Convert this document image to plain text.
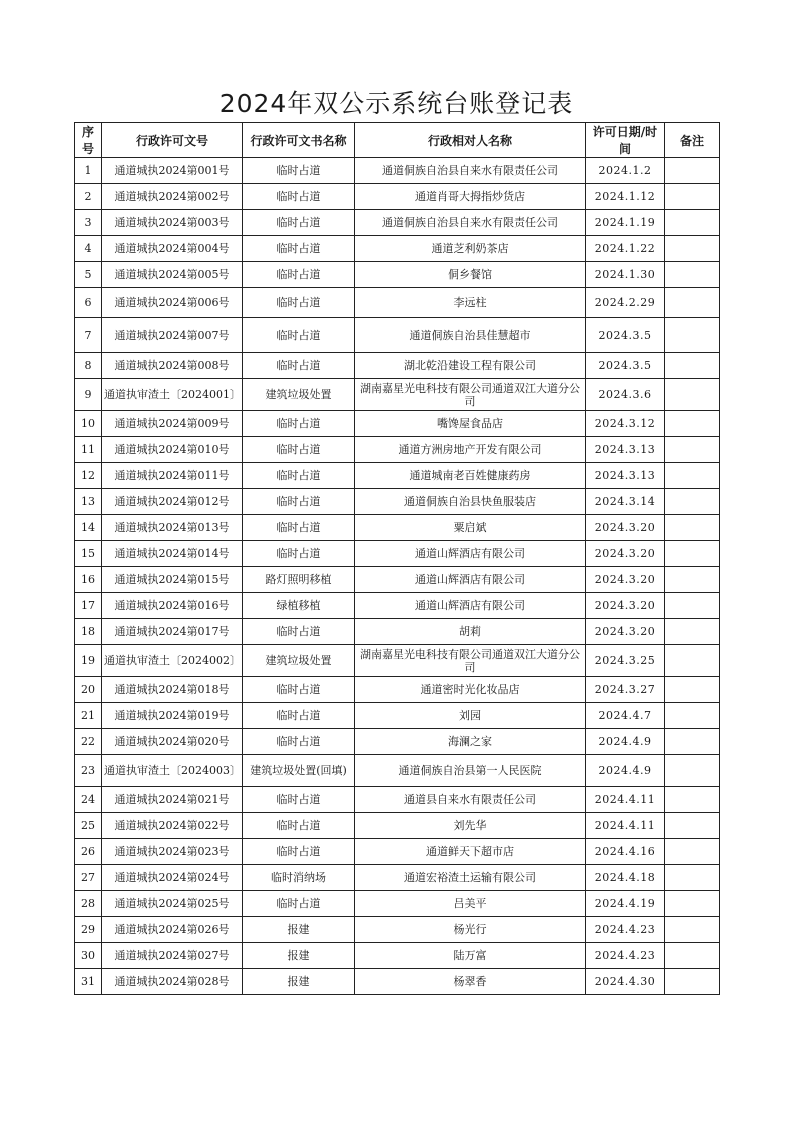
2024年双公示系统台账登记表
序号	行政许可文号	行政许可文书名称	行政相对人名称	许可日期/时间	备注
1	通道城执2024第001号	临时占道	通道侗族自治县自来水有限责任公司	2024.1.2	
2	通道城执2024第002号	临时占道	通道肖哥大拇指炒货店	2024.1.12	
3	通道城执2024第003号	临时占道	通道侗族自治县自来水有限责任公司	2024.1.19	
4	通道城执2024第004号	临时占道	通道芝利奶茶店	2024.1.22	
5	通道城执2024第005号	临时占道	侗乡餐馆	2024.1.30	
6	通道城执2024第006号	临时占道	李远柱	2024.2.29	
7	通道城执2024第007号	临时占道	通道侗族自治县佳慧超市	2024.3.5	
8	通道城执2024第008号	临时占道	湖北乾沿建设工程有限公司	2024.3.5	
9	通道执审渣土〔2024001〕	建筑垃圾处置	湖南嘉星光电科技有限公司通道双江大道分公司	2024.3.6	
10	通道城执2024第009号	临时占道	嘴馋屋食品店	2024.3.12	
11	通道城执2024第010号	临时占道	通道方洲房地产开发有限公司	2024.3.13	
12	通道城执2024第011号	临时占道	通道城南老百姓健康药房	2024.3.13	
13	通道城执2024第012号	临时占道	通道侗族自治县快鱼服装店	2024.3.14	
14	通道城执2024第013号	临时占道	粟启斌	2024.3.20	
15	通道城执2024第014号	临时占道	通道山辉酒店有限公司	2024.3.20	
16	通道城执2024第015号	路灯照明移植	通道山辉酒店有限公司	2024.3.20	
17	通道城执2024第016号	绿植移植	通道山辉酒店有限公司	2024.3.20	
18	通道城执2024第017号	临时占道	胡莉	2024.3.20	
19	通道执审渣土〔2024002〕	建筑垃圾处置	湖南嘉星光电科技有限公司通道双江大道分公司	2024.3.25	
20	通道城执2024第018号	临时占道	通道密时光化妆品店	2024.3.27	
21	通道城执2024第019号	临时占道	刘园	2024.4.7	
22	通道城执2024第020号	临时占道	海澜之家	2024.4.9	
23	通道执审渣土〔2024003〕	建筑垃圾处置(回填)	通道侗族自治县第一人民医院	2024.4.9	
24	通道城执2024第021号	临时占道	通道县自来水有限责任公司	2024.4.11	
25	通道城执2024第022号	临时占道	刘先华	2024.4.11	
26	通道城执2024第023号	临时占道	通道鲜天下超市店	2024.4.16	
27	通道城执2024第024号	临时消纳场	通道宏裕渣土运输有限公司	2024.4.18	
28	通道城执2024第025号	临时占道	吕美平	2024.4.19	
29	通道城执2024第026号	报建	杨光行	2024.4.23	
30	通道城执2024第027号	报建	陆万富	2024.4.23	
31	通道城执2024第028号	报建	杨翠香	2024.4.30	
